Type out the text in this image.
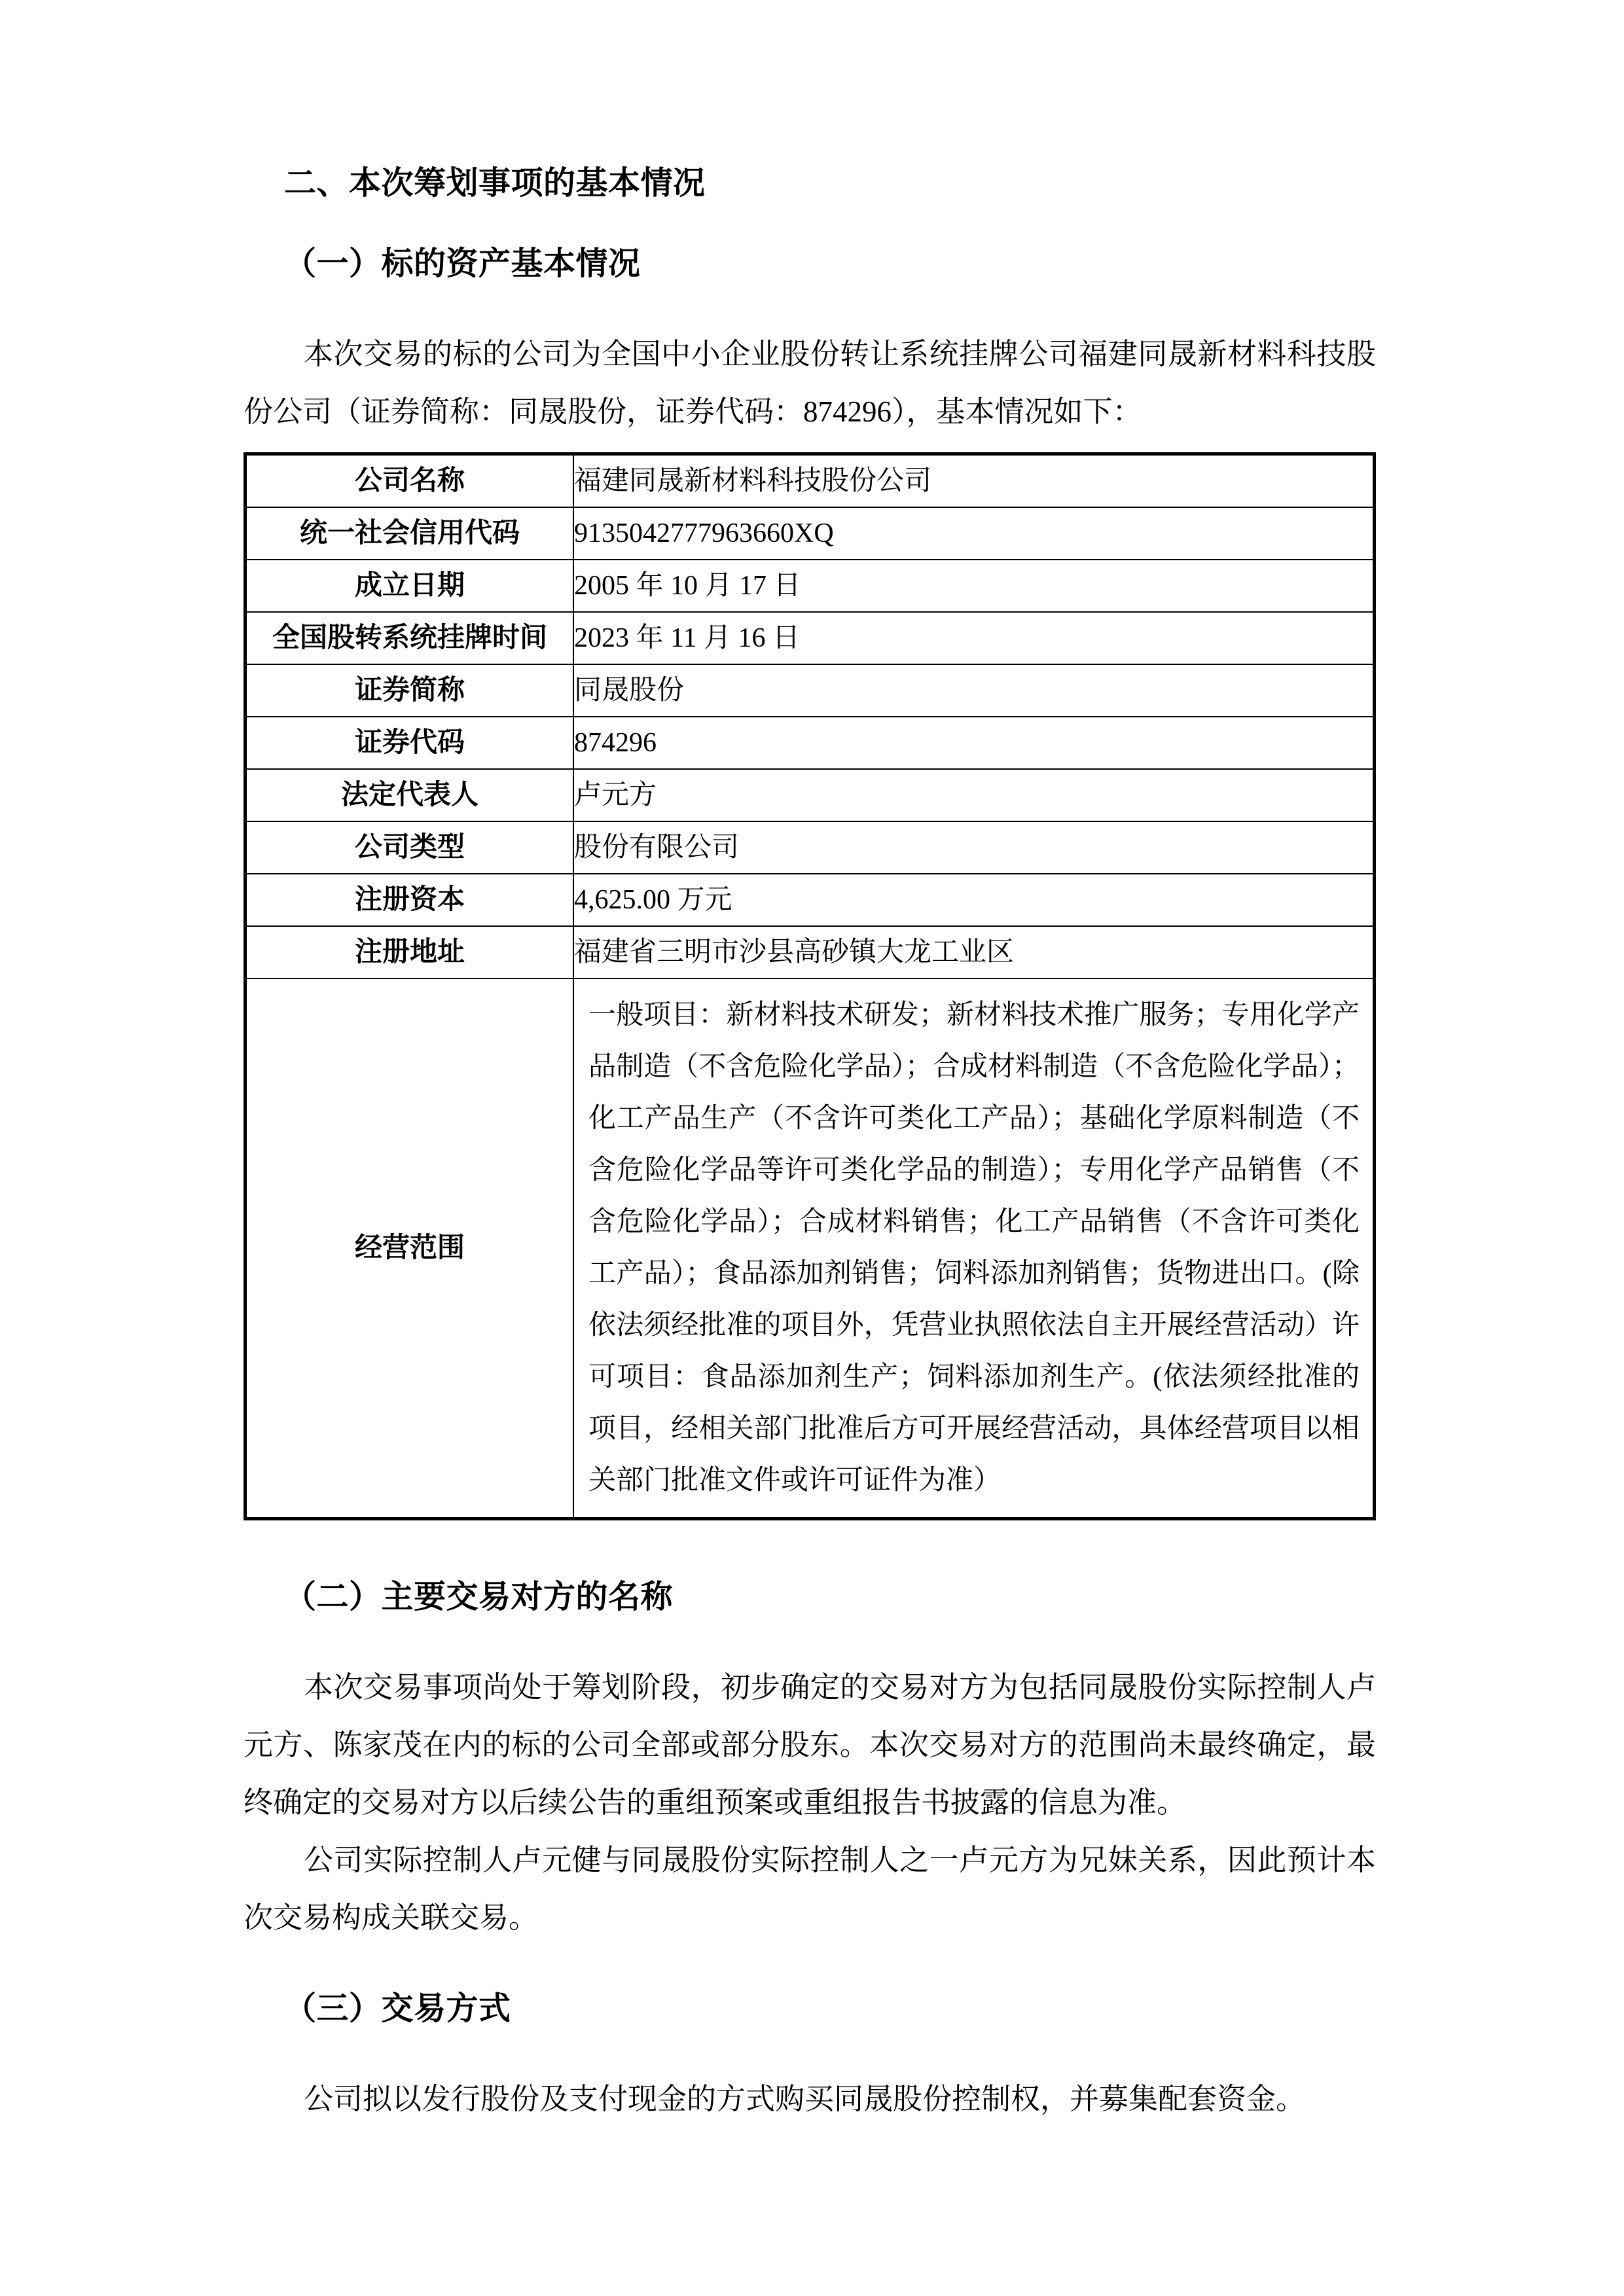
二、本次筹划事项的基本情况
（一）标的资产基本情况

本次交易的标的公司为全国中小企业股份转让系统挂牌公司福建同晟新材料科技股份公司（证券简称：同晟股份，证券代码：874296），基本情况如下：

公司名称	福建同晟新材料科技股份公司
统一社会信用代码	9135042777963660XQ
成立日期	2005 年 10 月 17 日
全国股转系统挂牌时间	2023 年 11 月 16 日
证券简称	同晟股份
证券代码	874296
法定代表人	卢元方
公司类型	股份有限公司
注册资本	4,625.00 万元
注册地址	福建省三明市沙县高砂镇大龙工业区
经营范围	一般项目：新材料技术研发；新材料技术推广服务；专用化学产品制造（不含危险化学品）；合成材料制造（不含危险化学品）；化工产品生产（不含许可类化工产品）；基础化学原料制造（不含危险化学品等许可类化学品的制造）；专用化学产品销售（不含危险化学品）；合成材料销售；化工产品销售（不含许可类化工产品）；食品添加剂销售；饲料添加剂销售；货物进出口。(除依法须经批准的项目外，凭营业执照依法自主开展经营活动）许可项目：食品添加剂生产；饲料添加剂生产。(依法须经批准的项目，经相关部门批准后方可开展经营活动，具体经营项目以相关部门批准文件或许可证件为准）
（二）主要交易对方的名称

本次交易事项尚处于筹划阶段，初步确定的交易对方为包括同晟股份实际控制人卢元方、陈家茂在内的标的公司全部或部分股东。本次交易对方的范围尚未最终确定，最终确定的交易对方以后续公告的重组预案或重组报告书披露的信息为准。

公司实际控制人卢元健与同晟股份实际控制人之一卢元方为兄妹关系，因此预计本次交易构成关联交易。

（三）交易方式

公司拟以发行股份及支付现金的方式购买同晟股份控制权，并募集配套资金。
